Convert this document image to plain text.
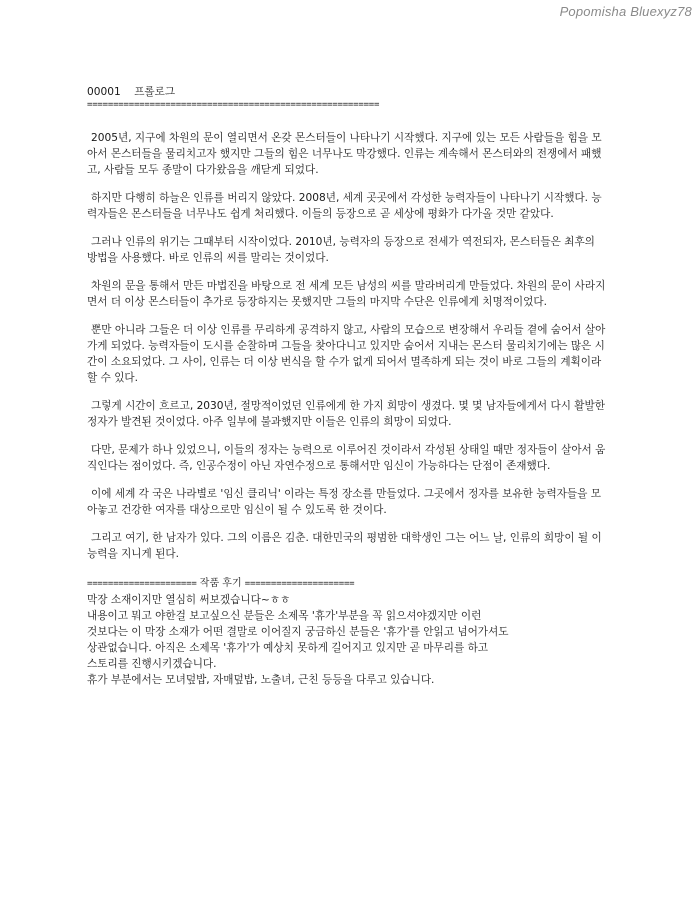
Popomisha Bluexyz78
00001 프롤로그
========================================================

2005년, 지구에 차원의 문이 열리면서 온갖 몬스터들이 나타나기 시작했다. 지구에 있는 모든 사람들을 힘을 모아서 몬스터들을 물리치고자 했지만 그들의 힘은 너무나도 막강했다. 인류는 계속해서 몬스터와의 전쟁에서 패했고, 사람들 모두 종말이 다가왔음을 깨닫게 되었다.

하지만 다행히 하늘은 인류를 버리지 않았다. 2008년, 세계 곳곳에서 각성한 능력자들이 나타나기 시작했다. 능력자들은 몬스터들을 너무나도 쉽게 처리했다. 이들의 등장으로 곧 세상에 평화가 다가올 것만 같았다.

그러나 인류의 위기는 그때부터 시작이었다. 2010년, 능력자의 등장으로 전세가 역전되자, 몬스터들은 최후의 방법을 사용했다. 바로 인류의 씨를 말리는 것이었다.

차원의 문을 통해서 만든 마법진을 바탕으로 전 세계 모든 남성의 씨를 말라버리게 만들었다. 차원의 문이 사라지면서 더 이상 몬스터들이 추가로 등장하지는 못했지만 그들의 마지막 수단은 인류에게 치명적이었다.

뿐만 아니라 그들은 더 이상 인류를 무리하게 공격하지 않고, 사람의 모습으로 변장해서 우리들 곁에 숨어서 살아가게 되었다. 능력자들이 도시를 순찰하며 그들을 찾아다니고 있지만 숨어서 지내는 몬스터 물리치기에는 많은 시간이 소요되었다. 그 사이, 인류는 더 이상 번식을 할 수가 없게 되어서 멸족하게 되는 것이 바로 그들의 계획이라 할 수 있다.

그렇게 시간이 흐르고, 2030년, 절망적이었던 인류에게 한 가지 희망이 생겼다. 몇 몇 남자들에게서 다시 활발한 정자가 발견된 것이었다. 아주 일부에 불과했지만 이들은 인류의 희망이 되었다.

다만, 문제가 하나 있었으니, 이들의 정자는 능력으로 이루어진 것이라서 각성된 상태일 때만 정자들이 살아서 움직인다는 점이었다. 즉, 인공수정이 아닌 자연수정으로 통해서만 임신이 가능하다는 단점이 존재했다.

이에 세계 각 국은 나라별로 '임신 클리닉' 이라는 특정 장소를 만들었다. 그곳에서 정자를 보유한 능력자들을 모아놓고 건강한 여자를 대상으로만 임신이 될 수 있도록 한 것이다.

그리고 여기, 한 남자가 있다. 그의 이름은 김춘. 대한민국의 평범한 대학생인 그는 어느 날, 인류의 희망이 될 이 능력을 지니게 된다.

===================== 작품 후기 =====================

막장 소재이지만 열심히 써보겠습니다~ㅎㅎ

내용이고 뭐고 야한걸 보고싶으신 분들은 소제목 '휴가'부분을 꼭 읽으셔야겠지만 이런

것보다는 이 막장 소재가 어떤 결말로 이어질지 궁금하신 분들은 '휴가'를 안읽고 넘어가셔도

상관없습니다. 아직은 소제목 '휴가'가 예상치 못하게 길어지고 있지만 곧 마무리를 하고

스토리를 진행시키겠습니다.

휴가 부분에서는 모녀덮밥, 자매덮밥, 노출녀, 근친 등등을 다루고 있습니다.
